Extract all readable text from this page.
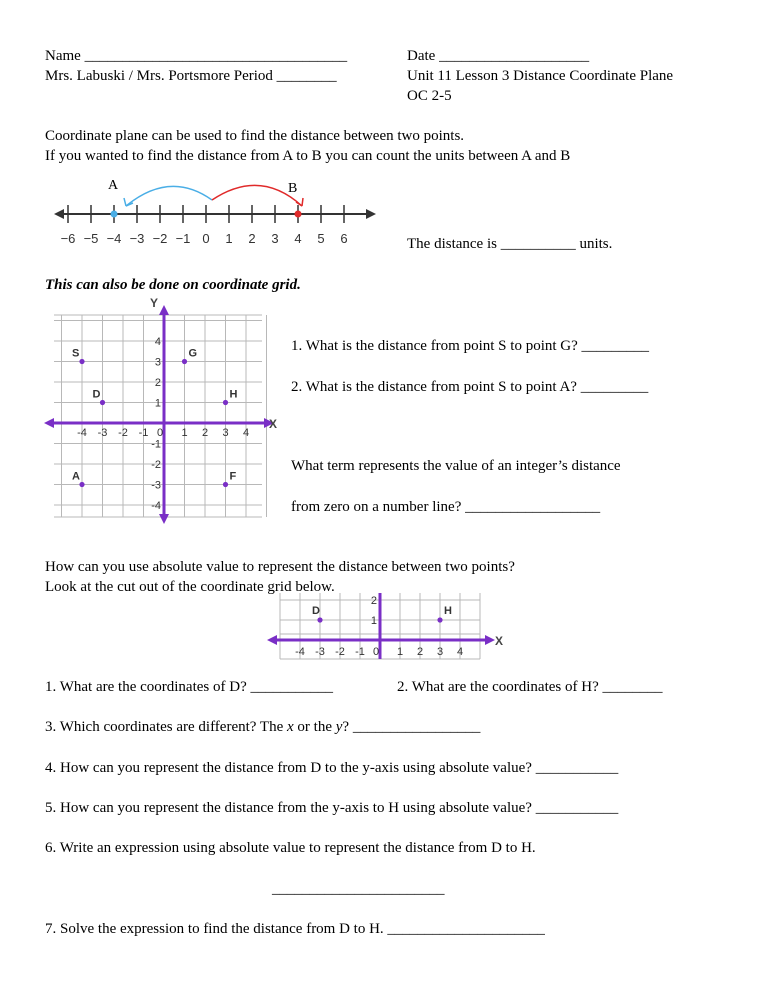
Name ___________________________________
Mrs. Labuski / Mrs. Portsmore Period ________
Date ____________________
Unit 11 Lesson 3 Distance Coordinate Plane
OC 2-5
Coordinate plane can be used to find the distance between two points.
If you wanted to find the distance from A to B you can count the units between A and B
A	B
−6 −5 −4 −3 −2 −1 0 1 2 3 4 5 6	The distance is __________ units.
This can also be done on coordinate grid.
Y
X
-4 -3 -2 -1 0 1 2 3 4
4
3
2
1
-1
-2
-3
-4
S	G
D	H
A	F
1. What is the distance from point S to point G? _________
2. What is the distance from point S to point A? _________
What term represents the value of an integer’s distance
from zero on a number line? __________________
How can you use absolute value to represent the distance between two points?
Look at the cut out of the coordinate grid below.
X
-4 -3 -2 -1 0 1 2 3 4
2
1
D	H
1. What are the coordinates of D? ___________	2. What are the coordinates of H? ________
3. Which coordinates are different? The x or the y? _________________
4. How can you represent the distance from D to the y-axis using absolute value? ___________
5. How can you represent the distance from the y-axis to H using absolute value? ___________
6. Write an expression using absolute value to represent the distance from D to H.
_______________________
7. Solve the expression to find the distance from D to H. _____________________
